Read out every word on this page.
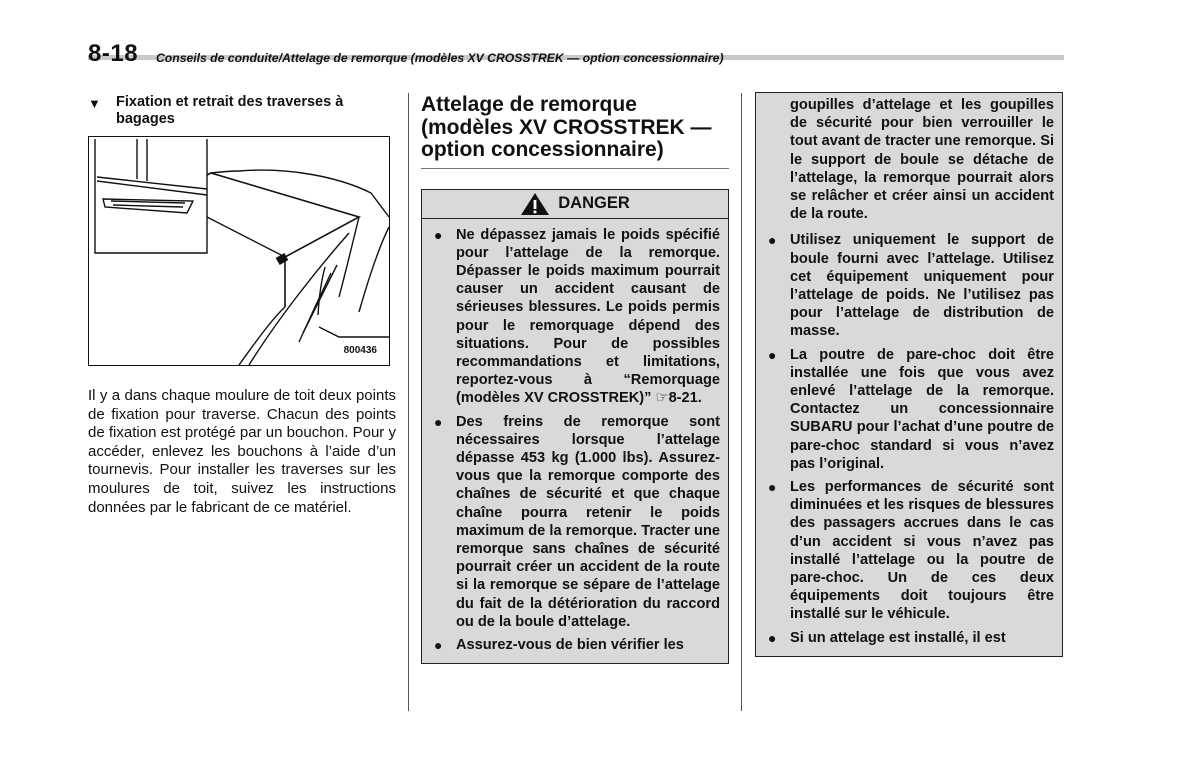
8-18 Conseils de conduite/Attelage de remorque (modèles XV CROSSTREK — option concessionnaire)
▼	Fixation et retrait des traverses à bagages
800436
Il y a dans chaque moulure de toit deux points de fixation pour traverse. Chacun des points de fixation est protégé par un bouchon. Pour y accéder, enlevez les bouchons à l’aide d’un tournevis. Pour installer les traverses sur les moulures de toit, suivez les instructions données par le fabricant de ce matériel.
Attelage de remorque (modèles XV CROSSTREK — option concessionnaire)
DANGER
● Ne dépassez jamais le poids spécifié pour l’attelage de la remorque. Dépasser le poids maximum pourrait causer un accident causant de sérieuses blessures. Le poids permis pour le remorquage dépend des situations. Pour de possibles recommandations et limitations, reportez-vous à “Remorquage (modèles XV CROSSTREK)” ☞8-21.
● Des freins de remorque sont nécessaires lorsque l’attelage dépasse 453 kg (1.000 lbs). Assurez-vous que la remorque comporte des chaînes de sécurité et que chaque chaîne pourra retenir le poids maximum de la remorque. Tracter une remorque sans chaînes de sécurité pourrait créer un accident de la route si la remorque se sépare de l’attelage du fait de la détérioration du raccord ou de la boule d’attelage.
● Assurez-vous de bien vérifier les
goupilles d’attelage et les goupilles de sécurité pour bien verrouiller le tout avant de tracter une remorque. Si le support de boule se détache de l’attelage, la remorque pourrait alors se relâcher et créer ainsi un accident de la route.
● Utilisez uniquement le support de boule fourni avec l’attelage. Utilisez cet équipement uniquement pour l’attelage de poids. Ne l’utilisez pas pour l’attelage de distribution de masse.
● La poutre de pare-choc doit être installée une fois que vous avez enlevé l’attelage de la remorque. Contactez un concessionnaire SUBARU pour l’achat d’une poutre de pare-choc standard si vous n’avez pas l’original.
● Les performances de sécurité sont diminuées et les risques de blessures des passagers accrues dans le cas d’un accident si vous n’avez pas installé l’attelage ou la poutre de pare-choc. Un de ces deux équipements doit toujours être installé sur le véhicule.
● Si un attelage est installé, il est
